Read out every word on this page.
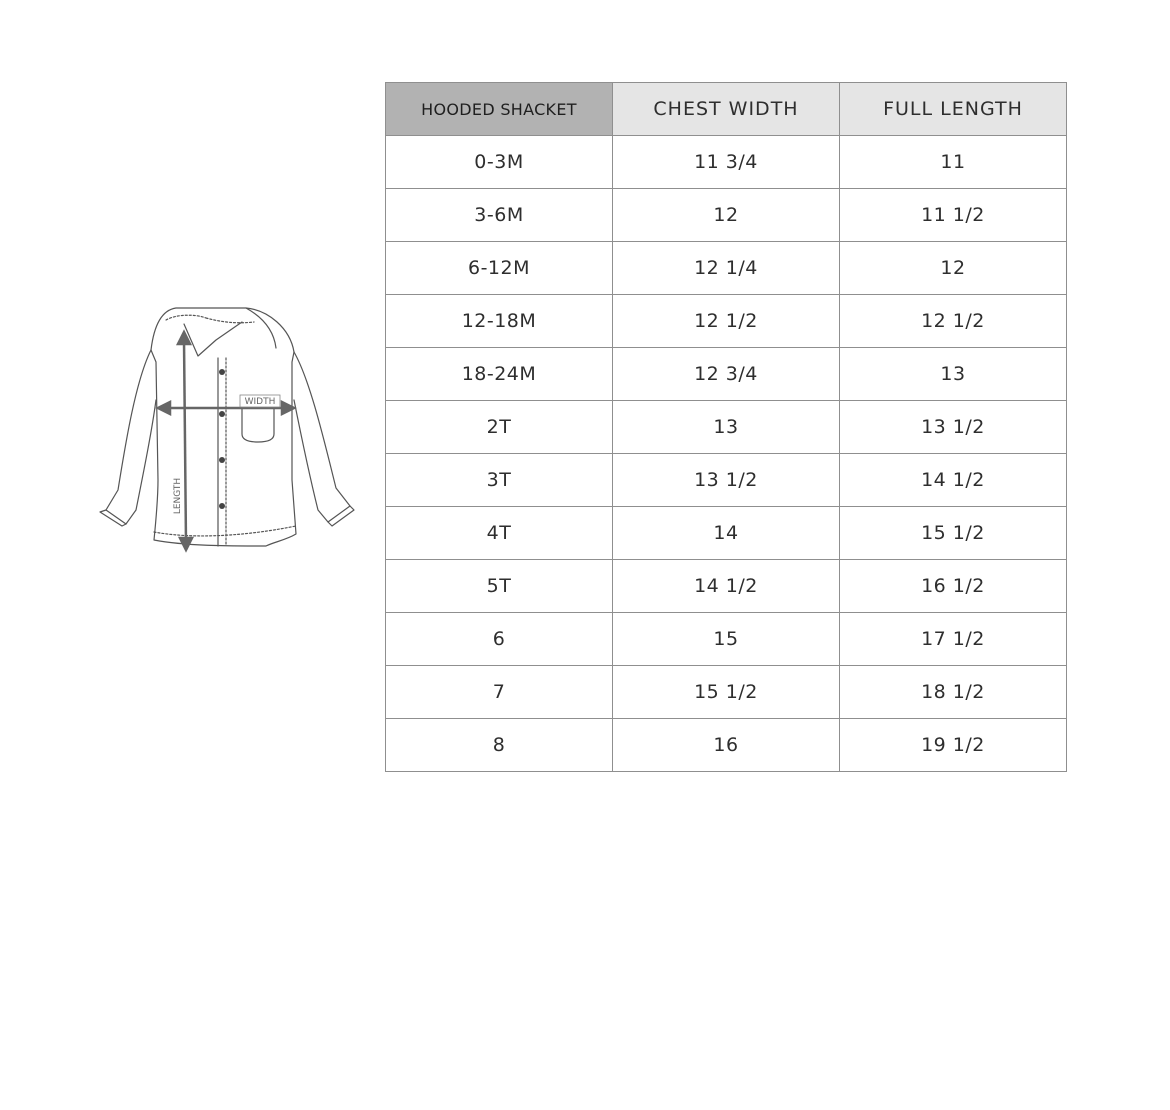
WIDTH
LENGTH
HOODED SHACKET	CHEST WIDTH	FULL LENGTH
0-3M	11 3/4	11
3-6M	12	11 1/2
6-12M	12 1/4	12
12-18M	12 1/2	12 1/2
18-24M	12 3/4	13
2T	13	13 1/2
3T	13 1/2	14 1/2
4T	14	15 1/2
5T	14 1/2	16 1/2
6	15	17 1/2
7	15 1/2	18 1/2
8	16	19 1/2
